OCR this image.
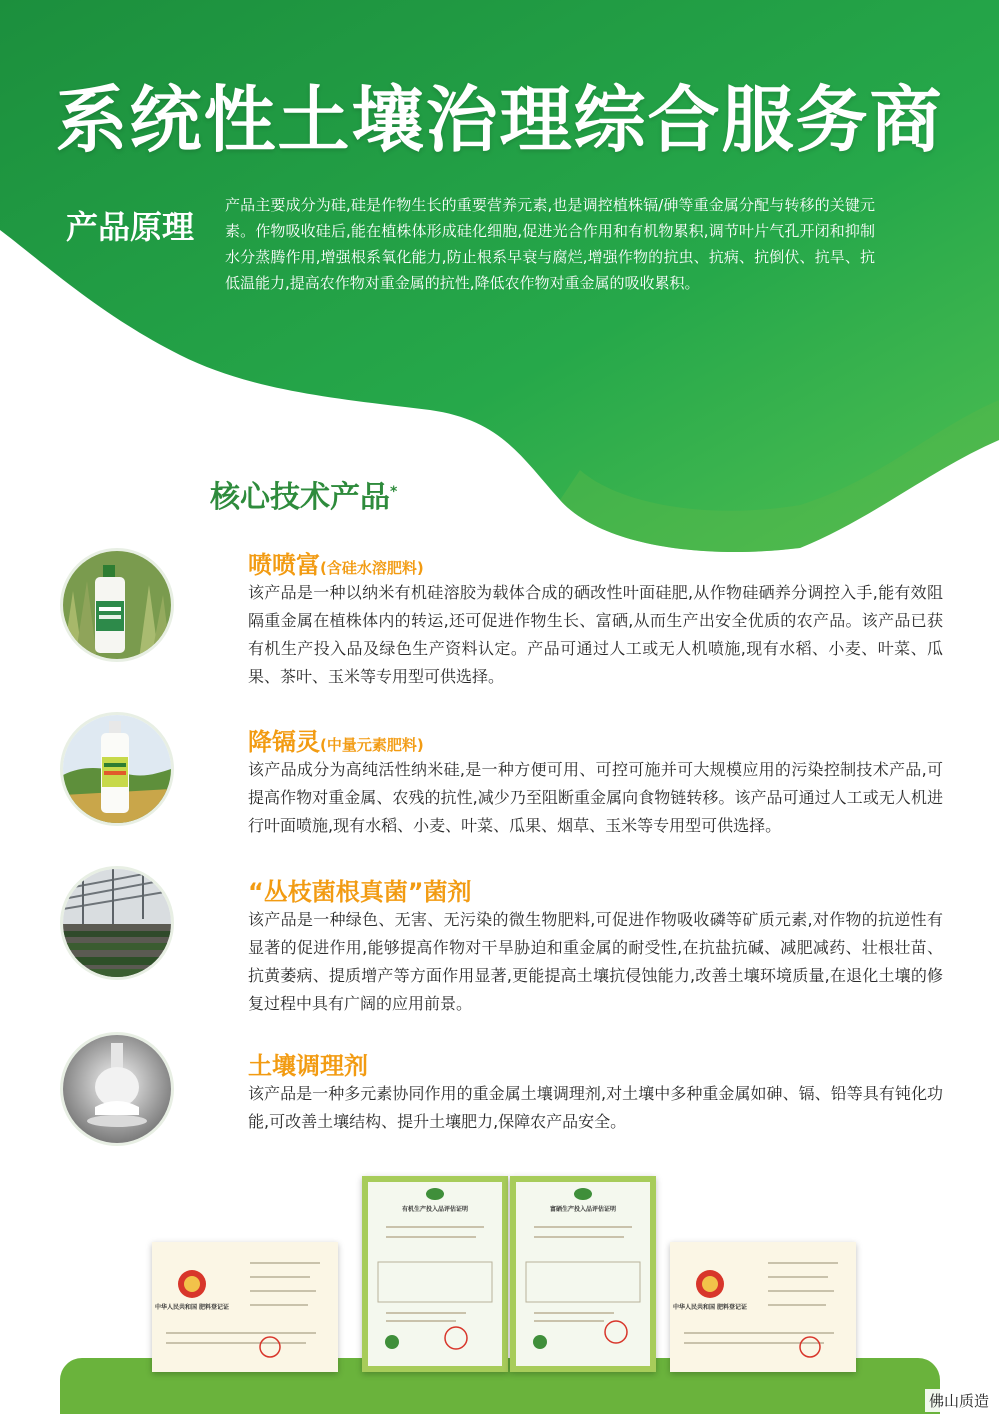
系统性土壤治理综合服务商
产品原理
产品主要成分为硅,硅是作物生长的重要营养元素,也是调控植株镉/砷等重金属分配与转移的关键元素。作物吸收硅后,能在植株体形成硅化细胞,促进光合作用和有机物累积,调节叶片气孔开闭和抑制水分蒸腾作用,增强根系氧化能力,防止根系早衰与腐烂,增强作物的抗虫、抗病、抗倒伏、抗旱、抗低温能力,提高农作物对重金属的抗性,降低农作物对重金属的吸收累积。
核心技术产品*
喷喷富(含硅水溶肥料)
该产品是一种以纳米有机硅溶胶为载体合成的硒改性叶面硅肥,从作物硅硒养分调控入手,能有效阻隔重金属在植株体内的转运,还可促进作物生长、富硒,从而生产出安全优质的农产品。该产品已获有机生产投入品及绿色生产资料认定。产品可通过人工或无人机喷施,现有水稻、小麦、叶菜、瓜果、茶叶、玉米等专用型可供选择。
降镉灵(中量元素肥料)
该产品成分为高纯活性纳米硅,是一种方便可用、可控可施并可大规模应用的污染控制技术产品,可提高作物对重金属、农残的抗性,减少乃至阻断重金属向食物链转移。该产品可通过人工或无人机进行叶面喷施,现有水稻、小麦、叶菜、瓜果、烟草、玉米等专用型可供选择。
“丛枝菌根真菌”菌剂
该产品是一种绿色、无害、无污染的微生物肥料,可促进作物吸收磷等矿质元素,对作物的抗逆性有显著的促进作用,能够提高作物对干旱胁迫和重金属的耐受性,在抗盐抗碱、减肥减药、壮根壮苗、抗黄萎病、提质增产等方面作用显著,更能提高土壤抗侵蚀能力,改善土壤环境质量,在退化土壤的修复过程中具有广阔的应用前景。
土壤调理剂
该产品是一种多元素协同作用的重金属土壤调理剂,对土壤中多种重金属如砷、镉、铅等具有钝化功能,可改善土壤结构、提升土壤肥力,保障农产品安全。
中华人民共和国 肥料登记证
有机生产投入品评估证明	富硒生产投入品评估证明
中华人民共和国 肥料登记证
佛山质造
